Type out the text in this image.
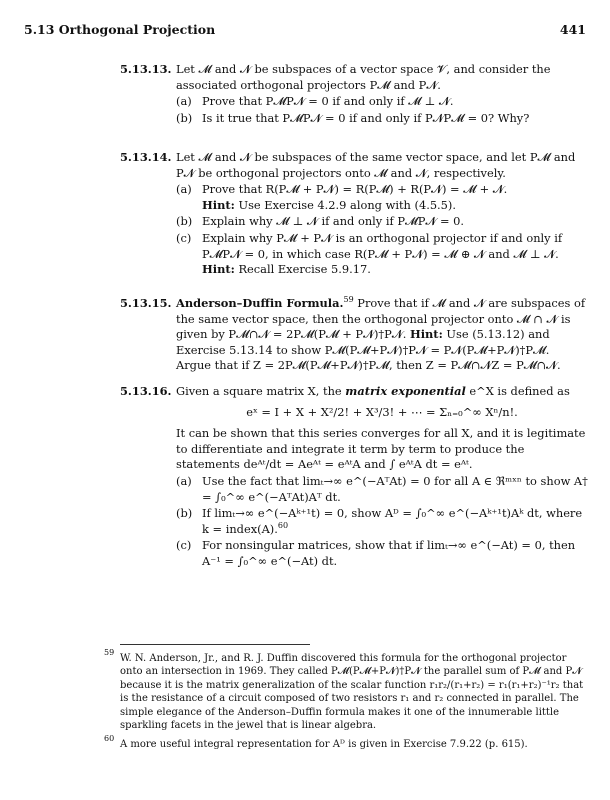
5.13 Orthogonal Projection	441
5.13.13. Let 𝓜 and 𝓝 be subspaces of a vector space 𝓥, and consider the associated orthogonal projectors P𝓜 and P𝓝.

(a) Prove that P𝓜P𝓝 = 0 if and only if 𝓜 ⊥ 𝓝.
(b) Is it true that P𝓜P𝓝 = 0 if and only if P𝓝P𝓜 = 0? Why?
5.13.14. Let 𝓜 and 𝓝 be subspaces of the same vector space, and let P𝓜 and P𝓝 be orthogonal projectors onto 𝓜 and 𝓝, respectively.

(a) Prove that R(P𝓜 + P𝓝) = R(P𝓜) + R(P𝓝) = 𝓜 + 𝓝.
Hint: Use Exercise 4.2.9 along with (4.5.5).
(b) Explain why 𝓜 ⊥ 𝓝 if and only if P𝓜P𝓝 = 0.
(c) Explain why P𝓜 + P𝓝 is an orthogonal projector if and only if P𝓜P𝓝 = 0, in which case R(P𝓜 + P𝓝) = 𝓜 ⊕ 𝓝 and 𝓜 ⊥ 𝓝. Hint: Recall Exercise 5.9.17.
5.13.15. Anderson–Duffin Formula.$^{59}$ Prove that if 𝓜 and 𝓝 are subspaces of the same vector space, then the orthogonal projector onto 𝓜 ∩ 𝓝 is given by P𝓜∩𝓝 = 2P𝓜(P𝓜 + P𝓝)†P𝓝. Hint: Use (5.13.12) and Exercise 5.13.14 to show P𝓜(P𝓜+P𝓝)†P𝓝 = P𝓝(P𝓜+P𝓝)†P𝓜. Argue that if Z = 2P𝓜(P𝓜+P𝓝)†P𝓜, then Z = P𝓜∩𝓝Z = P𝓜∩𝓝.

5.13.16. Given a square matrix X, the matrix exponential e^X is defined as

eˣ = I + X + X²/2! + X³/3! + ⋯ = Σₙ₌₀^∞ Xⁿ/n!.

It can be shown that this series converges for all X, and it is legitimate to differentiate and integrate it term by term to produce the statements deᴬᵗ/dt = Aeᴬᵗ = eᴬᵗA and ∫ eᴬᵗA dt = eᴬᵗ.

(a) Use the fact that limₜ→∞ e^(−AᵀAt) = 0 for all A ∈ ℜᵐˣⁿ to show A† = ∫₀^∞ e^(−AᵀAt)Aᵀ dt.
(b) If limₜ→∞ e^(−Aᵏ⁺¹t) = 0, show Aᴰ = ∫₀^∞ e^(−Aᵏ⁺¹t)Aᵏ dt, where k = index(A).$^{60}$
(c) For nonsingular matrices, show that if limₜ→∞ e^(−At) = 0, then A⁻¹ = ∫₀^∞ e^(−At) dt.
59
W. N. Anderson, Jr., and R. J. Duffin discovered this formula for the orthogonal projector onto an intersection in 1969. They called P𝓜(P𝓜+P𝓝)†P𝓝 the parallel sum of P𝓜 and P𝓝 because it is the matrix generalization of the scalar function r₁r₂/(r₁+r₂) = r₁(r₁+r₂)⁻¹r₂ that is the resistance of a circuit composed of two resistors r₁ and r₂ connected in parallel. The simple elegance of the Anderson–Duffin formula makes it one of the innumerable little sparkling facets in the jewel that is linear algebra.
60
A more useful integral representation for Aᴰ is given in Exercise 7.9.22 (p. 615).
